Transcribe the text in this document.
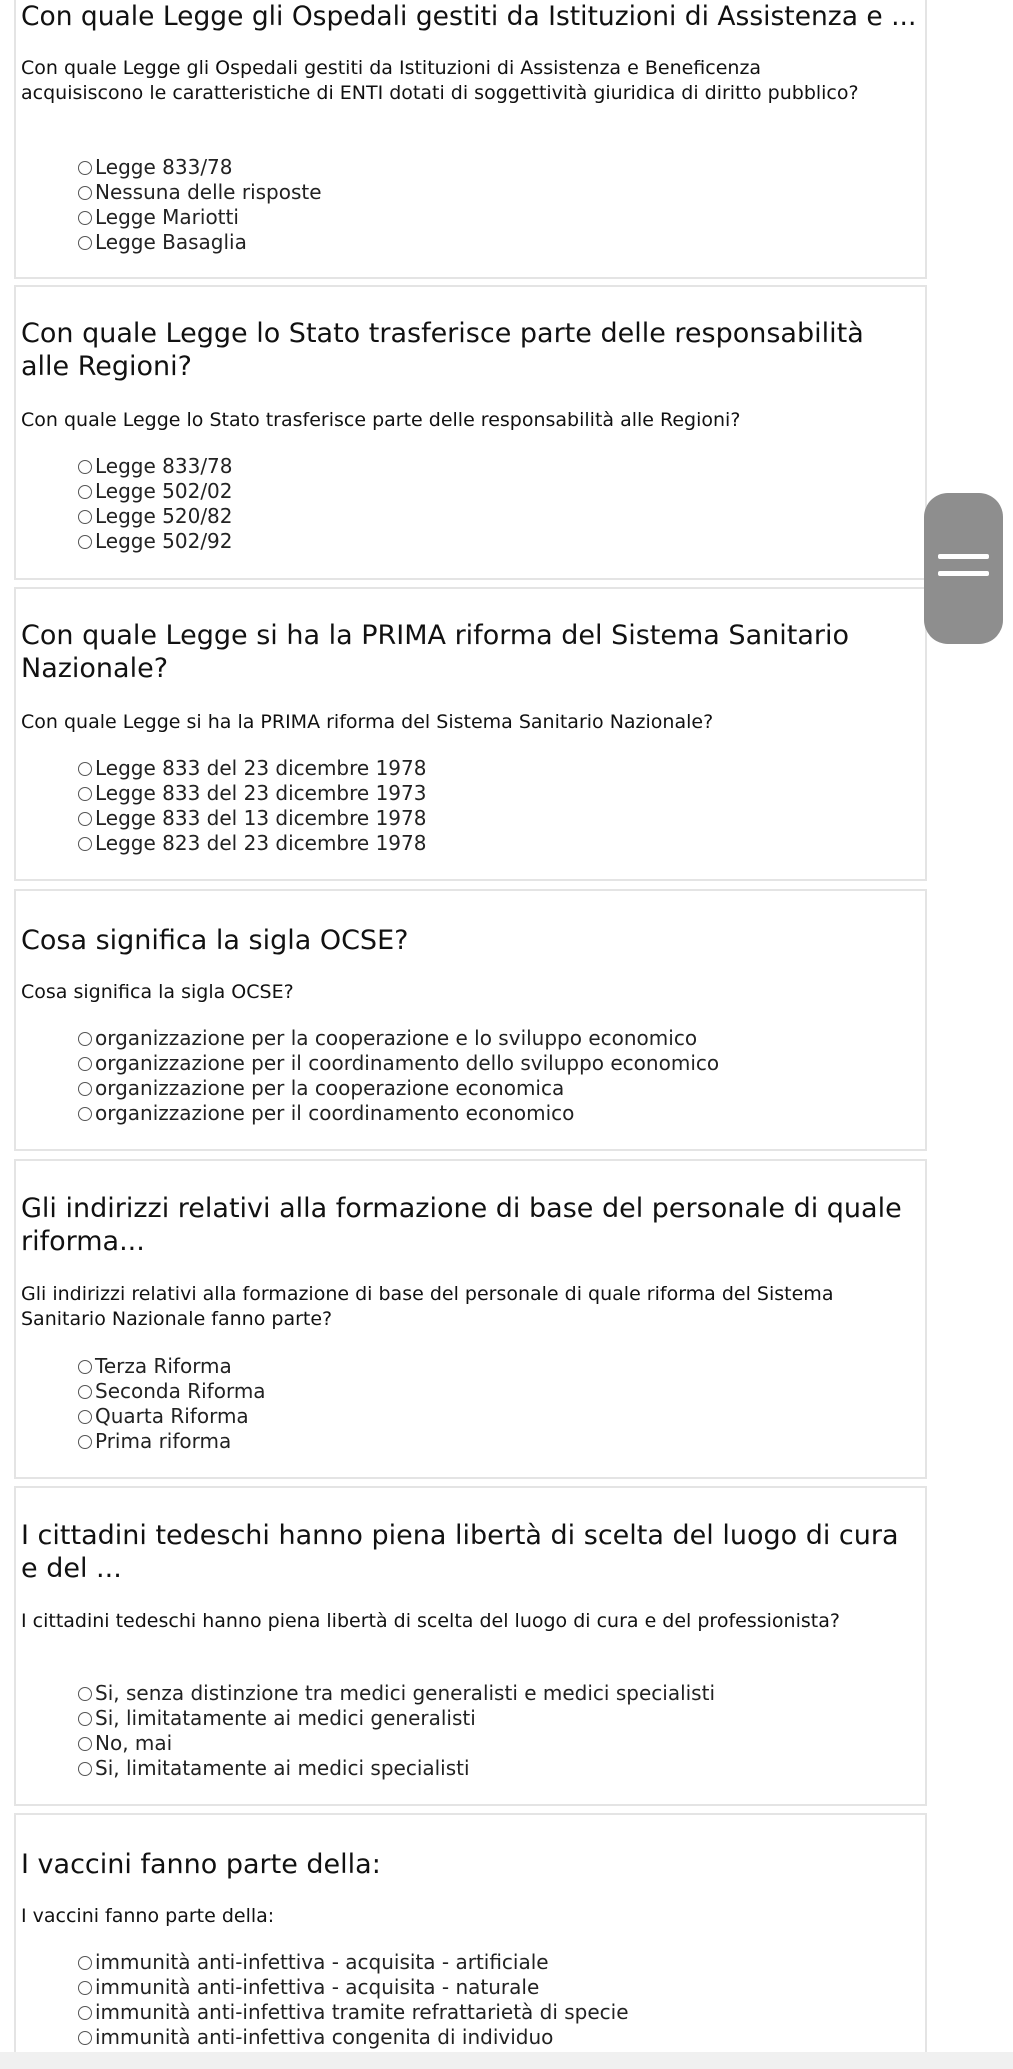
Con quale Legge gli Ospedali gestiti da Istituzioni di Assistenza e ...

Con quale Legge gli Ospedali gestiti da Istituzioni di Assistenza e Beneficenza acquisiscono le caratteristiche di ENTI dotati di soggettività giuridica di diritto pubblico?

Legge 833/78
Nessuna delle risposte
Legge Mariotti
Legge Basaglia
Con quale Legge lo Stato trasferisce parte delle responsabilità alle Regioni?

Con quale Legge lo Stato trasferisce parte delle responsabilità alle Regioni?

Legge 833/78
Legge 502/02
Legge 520/82
Legge 502/92
Con quale Legge si ha la PRIMA riforma del Sistema Sanitario Nazionale?

Con quale Legge si ha la PRIMA riforma del Sistema Sanitario Nazionale?

Legge 833 del 23 dicembre 1978
Legge 833 del 23 dicembre 1973
Legge 833 del 13 dicembre 1978
Legge 823 del 23 dicembre 1978
Cosa significa la sigla OCSE?

Cosa significa la sigla OCSE?

organizzazione per la cooperazione e lo sviluppo economico
organizzazione per il coordinamento dello sviluppo economico
organizzazione per la cooperazione economica
organizzazione per il coordinamento economico
Gli indirizzi relativi alla formazione di base del personale di quale riforma...

Gli indirizzi relativi alla formazione di base del personale di quale riforma del Sistema Sanitario Nazionale fanno parte?

Terza Riforma
Seconda Riforma
Quarta Riforma
Prima riforma
I cittadini tedeschi hanno piena libertà di scelta del luogo di cura e del ...

I cittadini tedeschi hanno piena libertà di scelta del luogo di cura e del professionista?

Si, senza distinzione tra medici generalisti e medici specialisti
Si, limitatamente ai medici generalisti
No, mai
Si, limitatamente ai medici specialisti
I vaccini fanno parte della:

I vaccini fanno parte della:

immunità anti-infettiva - acquisita - artificiale
immunità anti-infettiva - acquisita - naturale
immunità anti-infettiva tramite refrattarietà di specie
immunità anti-infettiva congenita di individuo
